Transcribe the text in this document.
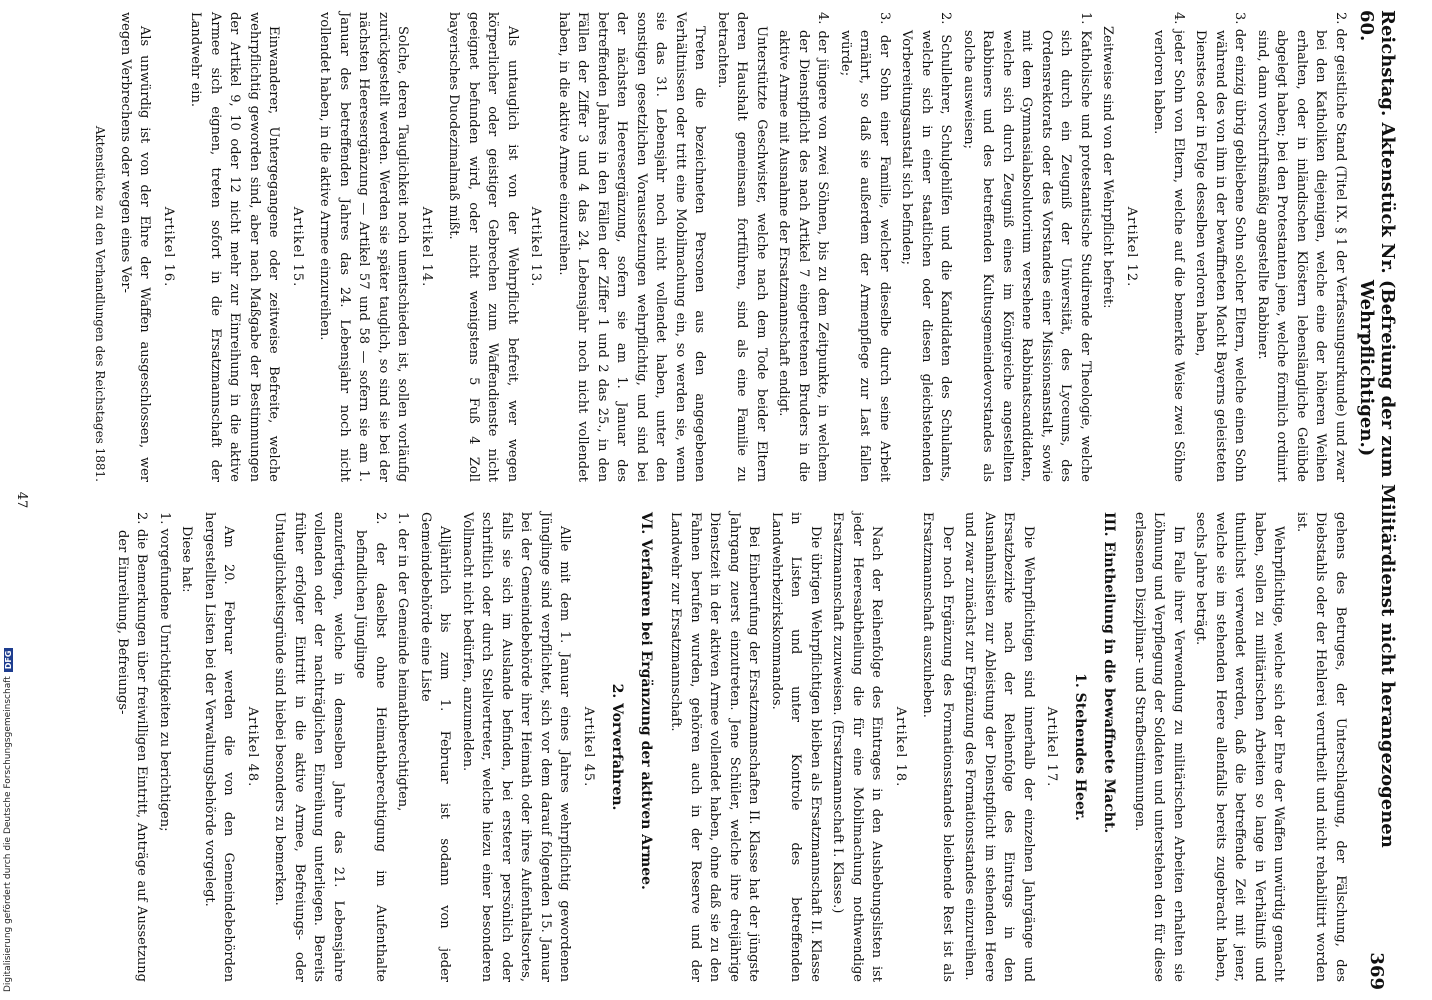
Reichstag. Aktenstück Nr. 60.
(Befreiung der zum Militärdienst nicht herangezogenen Wehrpflichtigen.)
369

2. der geistliche Stand (Titel IX. § 1 der Verfassungsurkunde) und zwar bei den Katholiken diejenigen, welche eine der höheren Weihen erhalten, oder in inländischen Klöstern lebenslängliche Gelübde abgelegt haben; bei den Protestanten jene, welche förmlich ordinirt sind, dann vorschriftsmäßig angestellte Rabbiner.

3. der einzig übrig gebliebene Sohn solcher Eltern, welche einen Sohn während des von ihm in der bewaffneten Macht Bayerns geleisteten Dienstes oder in Folge desselben verloren haben,

4. jeder Sohn von Eltern, welche auf die bemerkte Weise zwei Söhne verloren haben.

Artikel 12.

Zeitweise sind von der Wehrpflicht befreit:

1. Katholische und protestantische Studirende der Theologie, welche sich durch ein Zeugniß der Universität, des Lyceums, des Ordensrektorats oder des Vorstandes einer Missionsanstalt, sowie mit dem Gymnasialabsolutorium versehene Rabbinatscandidaten, welche sich durch Zeugniß eines im Königreiche angestellten Rabbiners und des betreffenden Kultusgemeindevorstandes als solche ausweisen;

2. Schullehrer, Schulgehilfen und die Kandidaten des Schulamts, welche sich in einer staatlichen oder diesen gleichstehenden Vorbereitungsanstalt sich befinden;

3. der Sohn einer Familie, welcher dieselbe durch seine Arbeit ernährt, so daß sie außerdem der Armenpflege zur Last fallen würde;

4. der jüngere von zwei Söhnen, bis zu dem Zeitpunkte, in welchem der Dienstpflicht des nach Artikel 7 eingetretenen Bruders in die aktive Armee mit Ausnahme der Ersatzmannschaft endigt.

Unterstützte Geschwister, welche nach dem Tode beider Eltern deren Haushalt gemeinsam fortführen, sind als eine Familie zu betrachten.

Treten die bezeichneten Personen aus den angegebenen Verhältnissen oder tritt eine Mobilmachung ein, so werden sie, wenn sie das 31. Lebensjahr noch nicht vollendet haben, unter den sonstigen gesetzlichen Voraussetzungen wehrpflichtig, und sind bei der nächsten Heeresergänzung, sofern sie am 1. Januar des betreffenden Jahres in den Fällen der Ziffer 1 und 2 das 25., in den Fällen der Ziffer 3 und 4 das 24. Lebensjahr noch nicht vollendet haben, in die aktive Armee einzureihen.

Artikel 13.

Als untauglich ist von der Wehrpflicht befreit, wer wegen körperlicher oder geistiger Gebrechen zum Waffendienste nicht geeignet befunden wird, oder nicht wenigstens 5 Fuß 4 Zoll bayerisches Duodezimalmaß mißt.

Artikel 14.

Solche, deren Tauglichkeit noch unentschieden ist, sollen vorläufig zurückgestellt werden. Werden sie später tauglich, so sind sie bei der nächsten Heeresergänzung — Artikel 57 und 58 — sofern sie am 1. Januar des betreffenden Jahres das 24. Lebensjahr noch nicht vollendet haben, in die aktive Armee einzureihen.

Artikel 15.

Einwanderer, Untergegangene oder zeitweise Befreite, welche wehrpflichtig geworden sind, aber nach Maßgabe der Bestimmungen der Artikel 9, 10 oder 12 nicht mehr zur Einreihung in die aktive Armee sich eignen, treten sofort in die Ersatzmannschaft der Landwehr ein.

Artikel 16.

Als unwürdig ist von der Ehre der Waffen ausgeschlossen, wer wegen Verbrechens oder wegen eines Ver-

Aktenstücke zu den Verhandlungen des Reichstages 1881.

gehens des Betruges, der Unterschlagung, der Fälschung, des Diebstahls oder der Hehlerei verurtheilt und nicht rehabilitirt worden ist.

Wehrpflichtige, welche sich der Ehre der Waffen unwürdig gemacht haben, sollen zu militärischen Arbeiten so lange in Verhältniß und thunlichst verwendet werden, daß die betreffende Zeit mit jener, welche sie im stehenden Heere allenfalls bereits zugebracht haben, sechs Jahre beträgt.

Im Falle ihrer Verwendung zu militärischen Arbeiten erhalten sie Löhnung und Verpflegung der Soldaten und unterstehen den für diese erlassenen Disziplinar- und Strafbestimmungen.

III. Eintheilung in die bewaffnete Macht.
1. Stehendes Heer.
Artikel 17.

Die Wehrpflichtigen sind innerhalb der einzelnen Jahrgänge und Ersatzbezirke nach der Reihenfolge des Eintrags in den Ausnahmslisten zur Ableistung der Dienstpflicht im stehenden Heere und zwar zunächst zur Ergänzung des Formationsstandes einzureihen.

Der noch Ergänzung des Formationsstandes bleibende Rest ist als Ersatzmannschaft auszuheben.

Artikel 18.

Nach der Reihenfolge des Eintrages in den Aushebungslisten ist jeder Heeresabtheilung die für eine Mobilmachung nothwendige Ersatzmannschaft zuzuweisen. (Ersatzmannschaft I. Klasse.)

Die übrigen Wehrpflichtigen bleiben als Ersatzmannschaft II. Klasse in Listen und unter Kontrole des betreffenden Landwehrbezirkskommandos.

Bei Einberufung der Ersatzmannschaften II. Klasse hat der jüngste Jahrgang zuerst einzutreten. Jene Schüler, welche ihre dreijährige Dienstzeit in der aktiven Armee vollendet haben, ohne daß sie zu den Fahnen berufen wurden, gehören auch in der Reserve und der Landwehr zur Ersatzmannschaft.

VI. Verfahren bei Ergänzung der aktiven Armee.
2. Vorverfahren.
Artikel 45.

Alle mit dem 1. Januar eines Jahres wehrpflichtig gewordenen Jünglinge sind verpflichtet, sich vor dem darauf folgenden 15. Januar bei der Gemeindebehörde ihrer Heimath oder ihres Aufenthaltsortes, falls sie sich im Auslande befinden, bei ersterer persönlich oder schriftlich oder durch Stellvertreter, welche hiezu einer besonderen Vollmacht nicht bedürfen, anzumelden.

Alljährlich bis zum 1. Februar ist sodann von jeder Gemeindebehörde eine Liste

1. der in der Gemeinde heimathberechtigten,

2. der daselbst ohne Heimathberechtigung im Aufenthalte befindlichen Jünglinge

anzufertigen, welche in demselben Jahre das 21. Lebensjahre vollenden oder der nachträglichen Einreihung unterliegen. Bereits früher erfolgter Eintritt in die aktive Armee, Befreiungs- oder Untauglichkeitsgründe sind hiebei besonders zu bemerken.

Artikel 48.

Am 20. Februar werden die von den Gemeindebehörden hergestellten Listen bei der Verwaltungsbehörde vorgelegt.

Diese hat:

1. vorgefundene Unrichtigkeiten zu berichtigen;

2. die Bemerkungen über freiwilligen Eintritt, Anträge auf Aussetzung der Einreihung, Befreiungs-

47
Digitalisierung gefördert durch die Deutsche Forschungsgemeinschaft
DFG
